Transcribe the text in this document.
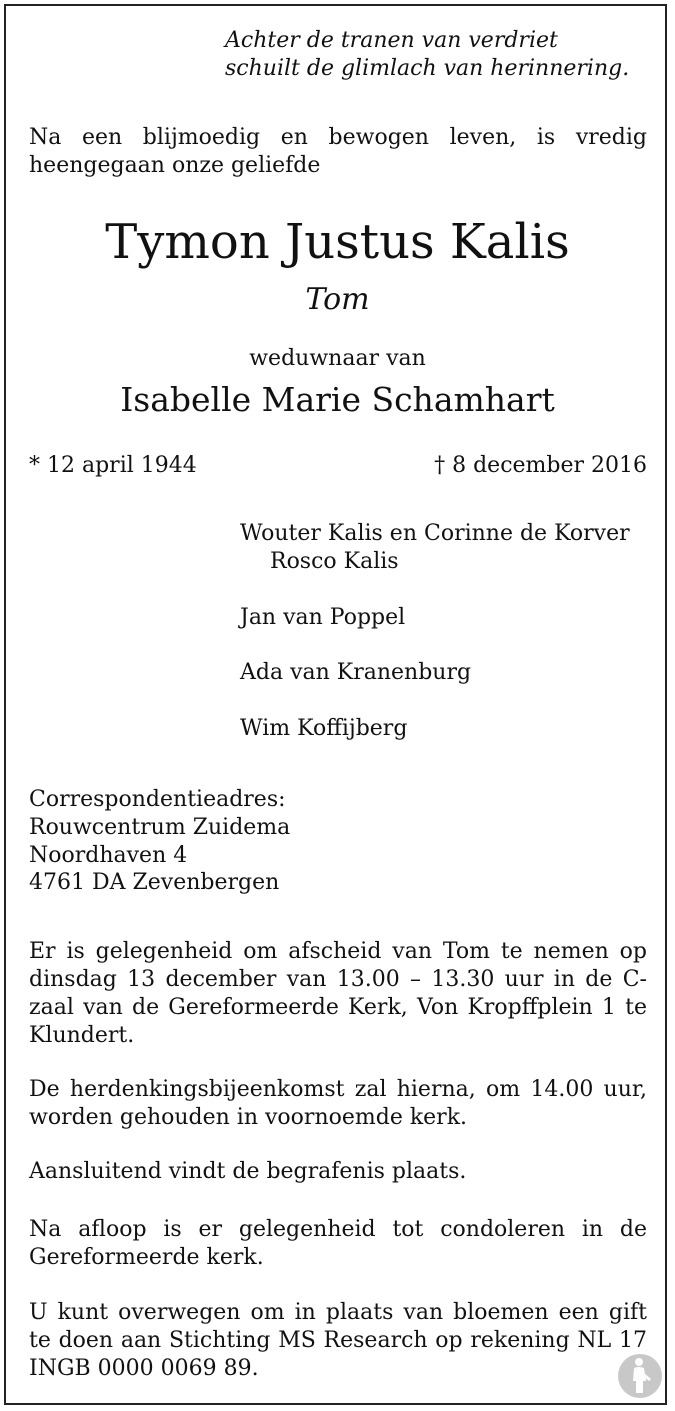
Achter de tranen van verdriet
schuilt de glimlach van herinnering.
Na een blijmoedig en bewogen leven, is vredig heengegaan onze geliefde
Tymon Justus Kalis
Tom
weduwnaar van
Isabelle Marie Schamhart
* 12 april 1944	† 8 december 2016
Wouter Kalis en Corinne de Korver
Rosco Kalis
Jan van Poppel
Ada van Kranenburg
Wim Koffijberg
Correspondentieadres:
Rouwcentrum Zuidema
Noordhaven 4
4761 DA Zevenbergen
Er is gelegenheid om afscheid van Tom te nemen op dinsdag 13 december van 13.00 – 13.30 uur in de C-zaal van de Gereformeerde Kerk, Von Kropffplein 1 te Klundert.
De herdenkingsbijeenkomst zal hierna, om 14.00 uur, worden gehouden in voornoemde kerk.
Aansluitend vindt de begrafenis plaats.
Na afloop is er gelegenheid tot condoleren in de Gereformeerde kerk.
U kunt overwegen om in plaats van bloemen een gift te doen aan Stichting MS Research op rekening NL 17 INGB 0000 0069 89.
